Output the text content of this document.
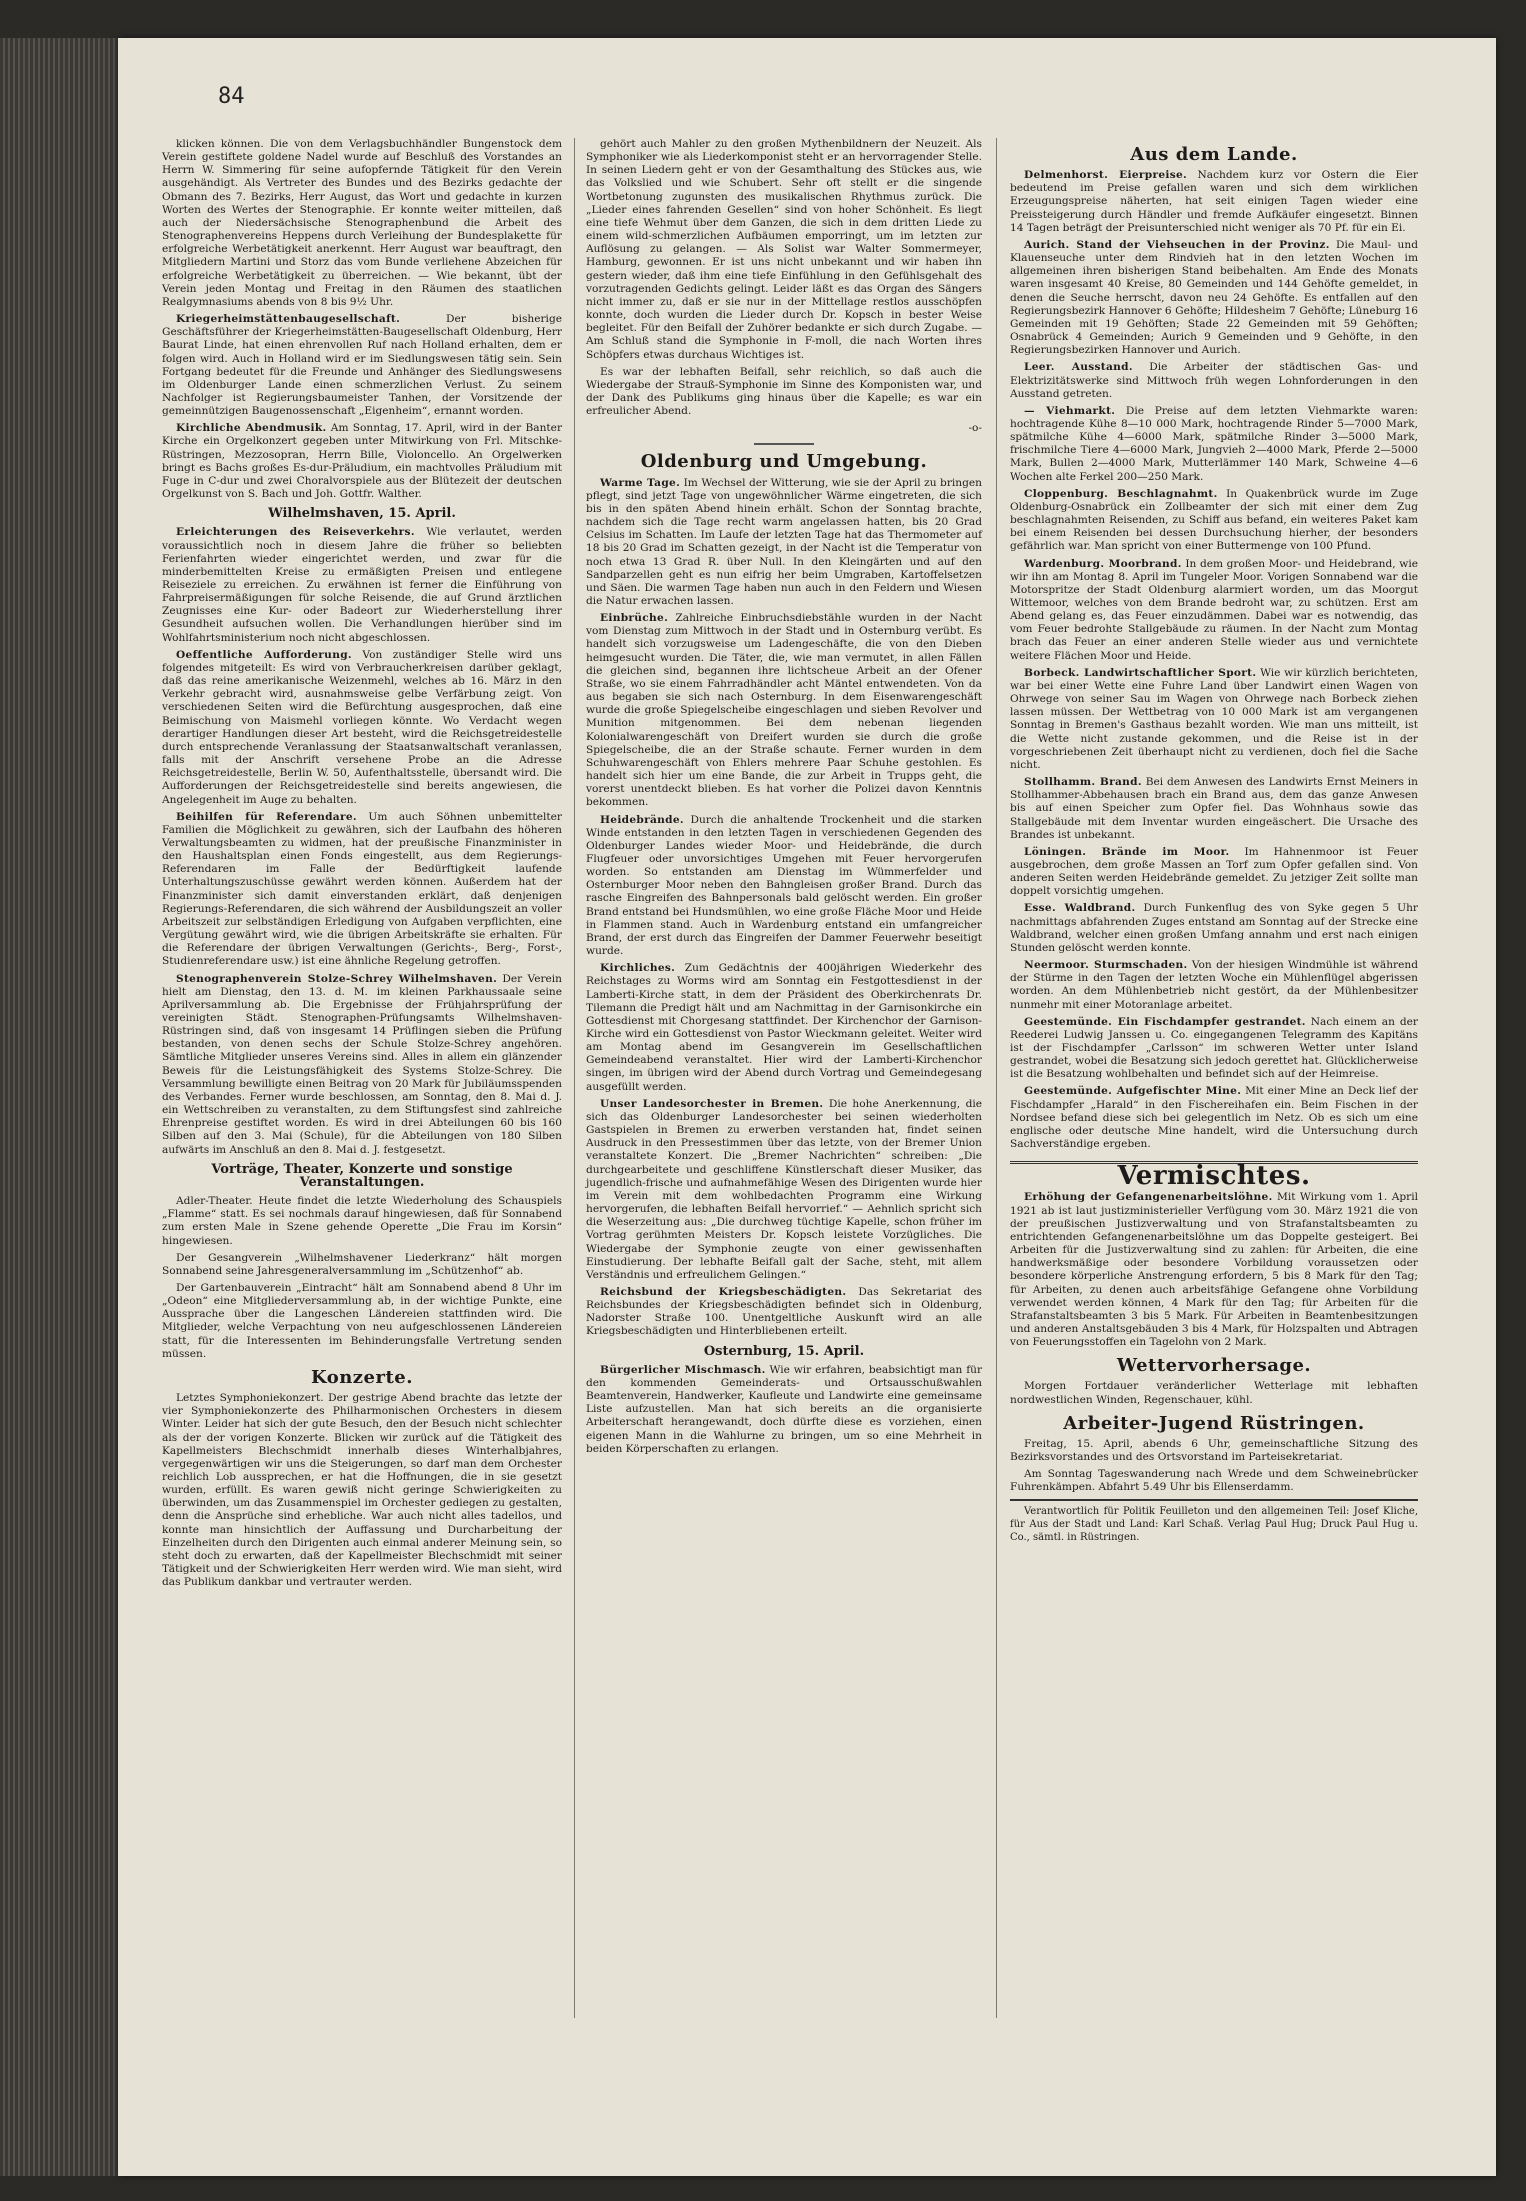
84

klicken können. Die von dem Verlagsbuchhändler Bungenstock dem Verein gestiftete goldene Nadel wurde auf Beschluß des Vorstandes an Herrn W. Simmering für seine aufopfernde Tätigkeit für den Verein ausgehändigt. Als Vertreter des Bundes und des Bezirks gedachte der Obmann des 7. Bezirks, Herr August, das Wort und gedachte in kurzen Worten des Wertes der Stenographie. Er konnte weiter mitteilen, daß auch der Niedersächsische Stenographenbund die Arbeit des Stenographenvereins Heppens durch Verleihung der Bundesplakette für erfolgreiche Werbetätigkeit anerkennt. Herr August war beauftragt, den Mitgliedern Martini und Storz das vom Bunde verliehene Abzeichen für erfolgreiche Werbetätigkeit zu überreichen. — Wie bekannt, übt der Verein jeden Montag und Freitag in den Räumen des staatlichen Realgymnasiums abends von 8 bis 9½ Uhr.

Kriegerheimstättenbaugesellschaft.	Der bisherige Geschäftsführer der Kriegerheimstätten-Baugesellschaft Oldenburg, Herr Baurat Linde, hat einen ehrenvollen Ruf nach Holland erhalten, dem er folgen wird. Auch in Holland wird er im Siedlungswesen tätig sein. Sein Fortgang bedeutet für die Freunde und Anhänger des Siedlungswesens im Oldenburger Lande einen schmerzlichen Verlust. Zu seinem Nachfolger ist Regierungsbaumeister Tanhen, der Vorsitzende der gemeinnützigen Baugenossenschaft „Eigenheim“, ernannt worden.

Kirchliche Abendmusik. Am Sonntag, 17. April, wird in der Banter Kirche ein Orgelkonzert gegeben unter Mitwirkung von Frl. Mitschke-Rüstringen, Mezzosopran, Herrn Bille, Violoncello. An Orgelwerken bringt es Bachs großes Es-dur-Präludium, ein machtvolles Präludium mit Fuge in C-dur und zwei Choralvorspiele aus der Blütezeit der deutschen Orgelkunst von S. Bach und Joh. Gottfr. Walther.

Wilhelmshaven, 15. April.

Erleichterungen des Reiseverkehrs. Wie verlautet, werden voraussichtlich noch in diesem Jahre die früher so beliebten Ferienfahrten wieder eingerichtet werden, und zwar für die minderbemittelten Kreise zu ermäßigten Preisen und entlegene Reiseziele zu erreichen. Zu erwähnen ist ferner die Einführung von Fahrpreisermäßigungen für solche Reisende, die auf Grund ärztlichen Zeugnisses eine Kur- oder Badeort zur Wiederherstellung ihrer Gesundheit aufsuchen wollen. Die Verhandlungen hierüber sind im Wohlfahrtsministerium noch nicht abgeschlossen.

Oeffentliche Aufforderung. Von zuständiger Stelle wird uns folgendes mitgeteilt: Es wird von Verbraucherkreisen darüber geklagt, daß das reine amerikanische Weizenmehl, welches ab 16. März in den Verkehr gebracht wird, ausnahmsweise gelbe Verfärbung zeigt. Von verschiedenen Seiten wird die Befürchtung ausgesprochen, daß eine Beimischung von Maismehl vorliegen könnte. Wo Verdacht wegen derartiger Handlungen dieser Art besteht, wird die Reichsgetreidestelle durch entsprechende Veranlassung der Staatsanwaltschaft veranlassen, falls mit der Anschrift versehene Probe an die Adresse Reichsgetreidestelle, Berlin W. 50, Aufenthaltsstelle, übersandt wird. Die Aufforderungen der Reichsgetreidestelle sind bereits angewiesen, die Angelegenheit im Auge zu behalten.

Beihilfen für Referendare. Um auch Söhnen unbemittelter Familien die Möglichkeit zu gewähren, sich der Laufbahn des höheren Verwaltungsbeamten zu widmen, hat der preußische Finanzminister in den Haushaltsplan einen Fonds eingestellt, aus dem Regierungs-Referendaren im Falle der Bedürftigkeit laufende Unterhaltungszuschüsse gewährt werden können. Außerdem hat der Finanzminister sich damit einverstanden erklärt, daß denjenigen Regierungs-Referendaren, die sich während der Ausbildungszeit an voller Arbeitszeit zur selbständigen Erledigung von Aufgaben verpflichten, eine Vergütung gewährt wird, wie die übrigen Arbeitskräfte sie erhalten. Für die Referendare der übrigen Verwaltungen (Gerichts-, Berg-, Forst-, Studienreferendare usw.) ist eine ähnliche Regelung getroffen.

Stenographenverein Stolze-Schrey Wilhelmshaven. Der Verein hielt am Dienstag, den 13. d. M. im kleinen Parkhaussaale seine Aprilversammlung ab. Die Ergebnisse der Frühjahrsprüfung der vereinigten Städt. Stenographen-Prüfungsamts Wilhelmshaven-Rüstringen sind, daß von insgesamt 14 Prüflingen sieben die Prüfung bestanden, von denen sechs der Schule Stolze-Schrey angehören. Sämtliche Mitglieder unseres Vereins sind. Alles in allem ein glänzender Beweis für die Leistungsfähigkeit des Systems Stolze-Schrey. Die Versammlung bewilligte einen Beitrag von 20 Mark für Jubiläumsspenden des Verbandes. Ferner wurde beschlossen, am Sonntag, den 8. Mai d. J. ein Wettschreiben zu veranstalten, zu dem Stiftungsfest sind zahlreiche Ehrenpreise gestiftet worden. Es wird in drei Abteilungen 60 bis 160 Silben auf den 3. Mai (Schule), für die Abteilungen von 180 Silben aufwärts im Anschluß an den 8. Mai d. J. festgesetzt.

Vorträge, Theater, Konzerte und sonstige Veranstaltungen.

Adler-Theater. Heute findet die letzte Wiederholung des Schauspiels „Flamme“ statt. Es sei nochmals darauf hingewiesen, daß für Sonnabend zum ersten Male in Szene gehende Operette „Die Frau im Korsin“ hingewiesen.

Der Gesangverein „Wilhelmshavener Liederkranz“ hält morgen Sonnabend seine Jahresgeneralversammlung im „Schützenhof“ ab.

Der Gartenbauverein „Eintracht“ hält am Sonnabend abend 8 Uhr im „Odeon“ eine Mitgliederversammlung ab, in der wichtige Punkte, eine Aussprache über die Langeschen Ländereien stattfinden wird. Die Mitglieder, welche Verpachtung von neu aufgeschlossenen Ländereien statt, für die Interessenten im Behinderungsfalle Vertretung senden müssen.

Konzerte.

Letztes Symphoniekonzert. Der gestrige Abend brachte das letzte der vier Symphoniekonzerte des Philharmonischen Orchesters in diesem Winter. Leider hat sich der gute Besuch, den der Besuch nicht schlechter als der der vorigen Konzerte. Blicken wir zurück auf die Tätigkeit des Kapellmeisters Blechschmidt innerhalb dieses Winterhalbjahres, vergegenwärtigen wir uns die Steigerungen, so darf man dem Orchester reichlich Lob aussprechen, er hat die Hoffnungen, die in sie gesetzt wurden, erfüllt. Es waren gewiß nicht geringe Schwierigkeiten zu überwinden, um das Zusammenspiel im Orchester gediegen zu gestalten, denn die Ansprüche sind erhebliche. War auch nicht alles tadellos, und konnte man hinsichtlich der Auffassung und Durcharbeitung der Einzelheiten durch den Dirigenten auch einmal anderer Meinung sein, so steht doch zu erwarten, daß der Kapellmeister Blechschmidt mit seiner Tätigkeit und der Schwierigkeiten Herr werden wird. Wie man sieht, wird das Publikum dankbar und vertrauter werden.

gehört auch Mahler zu den großen Mythenbildnern der Neuzeit. Als Symphoniker wie als Liederkomponist steht er an hervorragender Stelle. In seinen Liedern geht er von der Gesamthaltung des Stückes aus, wie das Volkslied und wie Schubert. Sehr oft stellt er die singende Wortbetonung zugunsten des musikalischen Rhythmus zurück. Die „Lieder eines fahrenden Gesellen“ sind von hoher Schönheit. Es liegt eine tiefe Wehmut über dem Ganzen, die sich in dem dritten Liede zu einem wild-schmerzlichen Aufbäumen emporringt, um im letzten zur Auflösung zu gelangen. — Als Solist war Walter Sommermeyer, Hamburg, gewonnen. Er ist uns nicht unbekannt und wir haben ihn gestern wieder, daß ihm eine tiefe Einfühlung in den Gefühlsgehalt des vorzutragenden Gedichts gelingt. Leider läßt es das Organ des Sängers nicht immer zu, daß er sie nur in der Mittellage restlos ausschöpfen konnte, doch wurden die Lieder durch Dr. Kopsch in bester Weise begleitet. Für den Beifall der Zuhörer bedankte er sich durch Zugabe. — Am Schluß stand die Symphonie in F-moll, die nach Worten ihres Schöpfers etwas durchaus Wichtiges ist.

Es war der lebhaften Beifall, sehr reichlich, so daß auch die Wiedergabe der Strauß-Symphonie im Sinne des Komponisten war, und der Dank des Publikums ging hinaus über die Kapelle; es war ein erfreulicher Abend.

-o-

Oldenburg und Umgebung.

Warme Tage. Im Wechsel der Witterung, wie sie der April zu bringen pflegt, sind jetzt Tage von ungewöhnlicher Wärme eingetreten, die sich bis in den späten Abend hinein erhält. Schon der Sonntag brachte, nachdem sich die Tage recht warm angelassen hatten, bis 20 Grad Celsius im Schatten. Im Laufe der letzten Tage hat das Thermometer auf 18 bis 20 Grad im Schatten gezeigt, in der Nacht ist die Temperatur von noch etwa 13 Grad R. über Null. In den Kleingärten und auf den Sandparzellen geht es nun eifrig her beim Umgraben, Kartoffelsetzen und Säen. Die warmen Tage haben nun auch in den Feldern und Wiesen die Natur erwachen lassen.

Einbrüche. Zahlreiche Einbruchsdiebstähle wurden in der Nacht vom Dienstag zum Mittwoch in der Stadt und in Osternburg verübt. Es handelt sich vorzugsweise um Ladengeschäfte, die von den Dieben heimgesucht wurden. Die Täter, die, wie man vermutet, in allen Fällen die gleichen sind, begannen ihre lichtscheue Arbeit an der Ofener Straße, wo sie einem Fahrradhändler acht Mäntel entwendeten. Von da aus begaben sie sich nach Osternburg. In dem Eisenwarengeschäft wurde die große Spiegelscheibe eingeschlagen und sieben Revolver und Munition mitgenommen. Bei dem nebenan liegenden Kolonialwarengeschäft von Dreifert wurden sie durch die große Spiegelscheibe, die an der Straße schaute. Ferner wurden in dem Schuhwarengeschäft von Ehlers mehrere Paar Schuhe gestohlen. Es handelt sich hier um eine Bande, die zur Arbeit in Trupps geht, die vorerst unentdeckt blieben. Es hat vorher die Polizei davon Kenntnis bekommen.

Heidebrände. Durch die anhaltende Trockenheit und die starken Winde entstanden in den letzten Tagen in verschiedenen Gegenden des Oldenburger Landes wieder Moor- und Heidebrände, die durch Flugfeuer oder unvorsichtiges Umgehen mit Feuer hervorgerufen worden. So entstanden am Dienstag im Wümmerfelder und Osternburger Moor neben den Bahngleisen großer Brand. Durch das rasche Eingreifen des Bahnpersonals bald gelöscht werden. Ein großer Brand entstand bei Hundsmühlen, wo eine große Fläche Moor und Heide in Flammen stand. Auch in Wardenburg entstand ein umfangreicher Brand, der erst durch das Eingreifen der Dammer Feuerwehr beseitigt wurde.

Kirchliches. Zum Gedächtnis der 400jährigen Wiederkehr des Reichstages zu Worms wird am Sonntag ein Festgottesdienst in der Lamberti-Kirche statt, in dem der Präsident des Oberkirchenrats Dr. Tilemann die Predigt hält und am Nachmittag in der Garnisonkirche ein Gottesdienst mit Chorgesang stattfindet. Der Kirchenchor der Garnison-Kirche wird ein Gottesdienst von Pastor Wieckmann geleitet. Weiter wird am Montag abend im Gesangverein im Gesellschaftlichen Gemeindeabend veranstaltet. Hier wird der Lamberti-Kirchenchor singen, im übrigen wird der Abend durch Vortrag und Gemeindegesang ausgefüllt werden.

Unser Landesorchester in Bremen. Die hohe Anerkennung, die sich das Oldenburger Landesorchester bei seinen wiederholten Gastspielen in Bremen zu erwerben verstanden hat, findet seinen Ausdruck in den Pressestimmen über das letzte, von der Bremer Union veranstaltete Konzert. Die „Bremer Nachrichten“ schreiben: „Die durchgearbeitete und geschliffene Künstlerschaft dieser Musiker, das jugendlich-frische und aufnahmefähige Wesen des Dirigenten wurde hier im Verein mit dem wohlbedachten Programm eine Wirkung hervorgerufen, die lebhaften Beifall hervorrief.“ — Aehnlich spricht sich die Weserzeitung aus: „Die durchweg tüchtige Kapelle, schon früher im Vortrag gerühmten Meisters Dr. Kopsch leistete Vorzügliches. Die Wiedergabe der Symphonie zeugte von einer gewissenhaften Einstudierung. Der lebhafte Beifall galt der Sache, steht, mit allem Verständnis und erfreulichem Gelingen.“

Reichsbund der Kriegsbeschädigten. Das Sekretariat des Reichsbundes der Kriegsbeschädigten befindet sich in Oldenburg, Nadorster Straße 100. Unentgeltliche Auskunft wird an alle Kriegsbeschädigten und Hinterbliebenen erteilt.

Osternburg, 15. April.

Bürgerlicher Mischmasch. Wie wir erfahren, beabsichtigt man für den kommenden Gemeinderats- und Ortsausschußwahlen Beamtenverein, Handwerker, Kaufleute und Landwirte eine gemeinsame Liste aufzustellen. Man hat sich bereits an die organisierte Arbeiterschaft herangewandt, doch dürfte diese es vorziehen, einen eigenen Mann in die Wahlurne zu bringen, um so eine Mehrheit in beiden Körperschaften zu erlangen.

Aus dem Lande.

Delmenhorst. Eierpreise. Nachdem kurz vor Ostern die Eier bedeutend im Preise gefallen waren und sich dem wirklichen Erzeugungspreise näherten, hat seit einigen Tagen wieder eine Preissteigerung durch Händler und fremde Aufkäufer eingesetzt. Binnen 14 Tagen beträgt der Preisunterschied nicht weniger als 70 Pf. für ein Ei.

Aurich. Stand der Viehseuchen in der Provinz. Die Maul- und Klauenseuche unter dem Rindvieh hat in den letzten Wochen im allgemeinen ihren bisherigen Stand beibehalten. Am Ende des Monats waren insgesamt 40 Kreise, 80 Gemeinden und 144 Gehöfte gemeldet, in denen die Seuche herrscht, davon neu 24 Gehöfte. Es entfallen auf den Regierungsbezirk Hannover 6 Gehöfte; Hildesheim 7 Gehöfte; Lüneburg 16 Gemeinden mit 19 Gehöften; Stade 22 Gemeinden mit 59 Gehöften; Osnabrück 4 Gemeinden; Aurich 9 Gemeinden und 9 Gehöfte, in den Regierungsbezirken Hannover und Aurich.

Leer. Ausstand. Die Arbeiter der städtischen Gas- und Elektrizitätswerke sind Mittwoch früh wegen Lohnforderungen in den Ausstand getreten.

— Viehmarkt. Die Preise auf dem letzten Viehmarkte waren: hochtragende Kühe 8—10 000 Mark, hochtragende Rinder 5—7000 Mark, spätmilche Kühe 4—6000 Mark, spätmilche Rinder 3—5000 Mark, frischmilche Tiere 4—6000 Mark, Jungvieh 2—4000 Mark, Pferde 2—5000 Mark, Bullen 2—4000 Mark, Mutterlämmer 140 Mark, Schweine 4—6 Wochen alte Ferkel 200—250 Mark.

Cloppenburg. Beschlagnahmt. In Quakenbrück wurde im Zuge Oldenburg-Osnabrück ein Zollbeamter der sich mit einer dem Zug beschlagnahmten Reisenden, zu Schiff aus befand, ein weiteres Paket kam bei einem Reisenden bei dessen Durchsuchung hierher, der besonders gefährlich war. Man spricht von einer Buttermenge von 100 Pfund.

Wardenburg. Moorbrand. In dem großen Moor- und Heidebrand, wie wir ihn am Montag 8. April im Tungeler Moor. Vorigen Sonnabend war die Motorspritze der Stadt Oldenburg alarmiert worden, um das Moorgut Wittemoor, welches von dem Brande bedroht war, zu schützen. Erst am Abend gelang es, das Feuer einzudämmen. Dabei war es notwendig, das vom Feuer bedrohte Stallgebäude zu räumen. In der Nacht zum Montag brach das Feuer an einer anderen Stelle wieder aus und vernichtete weitere Flächen Moor und Heide.

Borbeck. Landwirtschaftlicher Sport. Wie wir kürzlich berichteten, war bei einer Wette eine Fuhre Land über Landwirt einen Wagen von Ohrwege von seiner Sau im Wagen von Ohrwege nach Borbeck ziehen lassen müssen. Der Wettbetrag von 10 000 Mark ist am vergangenen Sonntag in Bremen's Gasthaus bezahlt worden. Wie man uns mitteilt, ist die Wette nicht zustande gekommen, und die Reise ist in der vorgeschriebenen Zeit überhaupt nicht zu verdienen, doch fiel die Sache nicht.

Stollhamm. Brand. Bei dem Anwesen des Landwirts Ernst Meiners in Stollhammer-Abbehausen brach ein Brand aus, dem das ganze Anwesen bis auf einen Speicher zum Opfer fiel. Das Wohnhaus sowie das Stallgebäude mit dem Inventar wurden eingeäschert. Die Ursache des Brandes ist unbekannt.

Löningen. Brände im Moor. Im Hahnenmoor ist Feuer ausgebrochen, dem große Massen an Torf zum Opfer gefallen sind. Von anderen Seiten werden Heidebrände gemeldet. Zu jetziger Zeit sollte man doppelt vorsichtig umgehen.

Esse. Waldbrand. Durch Funkenflug des von Syke gegen 5 Uhr nachmittags abfahrenden Zuges entstand am Sonntag auf der Strecke eine Waldbrand, welcher einen großen Umfang annahm und erst nach einigen Stunden gelöscht werden konnte.

Neermoor. Sturmschaden. Von der hiesigen Windmühle ist während der Stürme in den Tagen der letzten Woche ein Mühlenflügel abgerissen worden. An dem Mühlenbetrieb nicht gestört, da der Mühlenbesitzer nunmehr mit einer Motoranlage arbeitet.

Geestemünde. Ein Fischdampfer gestrandet. Nach einem an der Reederei Ludwig Janssen u. Co. eingegangenen Telegramm des Kapitäns ist der Fischdampfer „Carlsson“ im schweren Wetter unter Island gestrandet, wobei die Besatzung sich jedoch gerettet hat. Glücklicherweise ist die Besatzung wohlbehalten und befindet sich auf der Heimreise.

Geestemünde. Aufgefischter Mine. Mit einer Mine an Deck lief der Fischdampfer „Harald“ in den Fischereihafen ein. Beim Fischen in der Nordsee befand diese sich bei gelegentlich im Netz. Ob es sich um eine englische oder deutsche Mine handelt, wird die Untersuchung durch Sachverständige ergeben.

Vermischtes.

Erhöhung der Gefangenenarbeitslöhne. Mit Wirkung vom 1. April 1921 ab ist laut justizministerieller Verfügung vom 30. März 1921 die von der preußischen Justizverwaltung und von Strafanstaltsbeamten zu entrichtenden Gefangenenarbeitslöhne um das Doppelte gesteigert. Bei Arbeiten für die Justizverwaltung sind zu zahlen: für Arbeiten, die eine handwerksmäßige oder besondere Vorbildung voraussetzen oder besondere körperliche Anstrengung erfordern, 5 bis 8 Mark für den Tag; für Arbeiten, zu denen auch arbeitsfähige Gefangene ohne Vorbildung verwendet werden können, 4 Mark für den Tag; für Arbeiten für die Strafanstaltsbeamten 3 bis 5 Mark. Für Arbeiten in Beamtenbesitzungen und anderen Anstaltsgebäuden 3 bis 4 Mark, für Holzspalten und Abtragen von Feuerungsstoffen ein Tagelohn von 2 Mark.

Wettervorhersage.

Morgen Fortdauer veränderlicher Wetterlage mit lebhaften nordwestlichen Winden, Regenschauer, kühl.

Arbeiter-Jugend Rüstringen.

Freitag, 15. April, abends 6 Uhr, gemeinschaftliche Sitzung des Bezirksvorstandes und des Ortsvorstand im Parteisekretariat.

Am Sonntag Tageswanderung nach Wrede und dem Schweinebrücker Fuhrenkämpen. Abfahrt 5.49 Uhr bis Ellenserdamm.

Verantwortlich für Politik Feuilleton und den allgemeinen Teil: Josef Kliche, für Aus der Stadt und Land: Karl Schaß. Verlag Paul Hug; Druck Paul Hug u. Co., sämtl. in Rüstringen.
